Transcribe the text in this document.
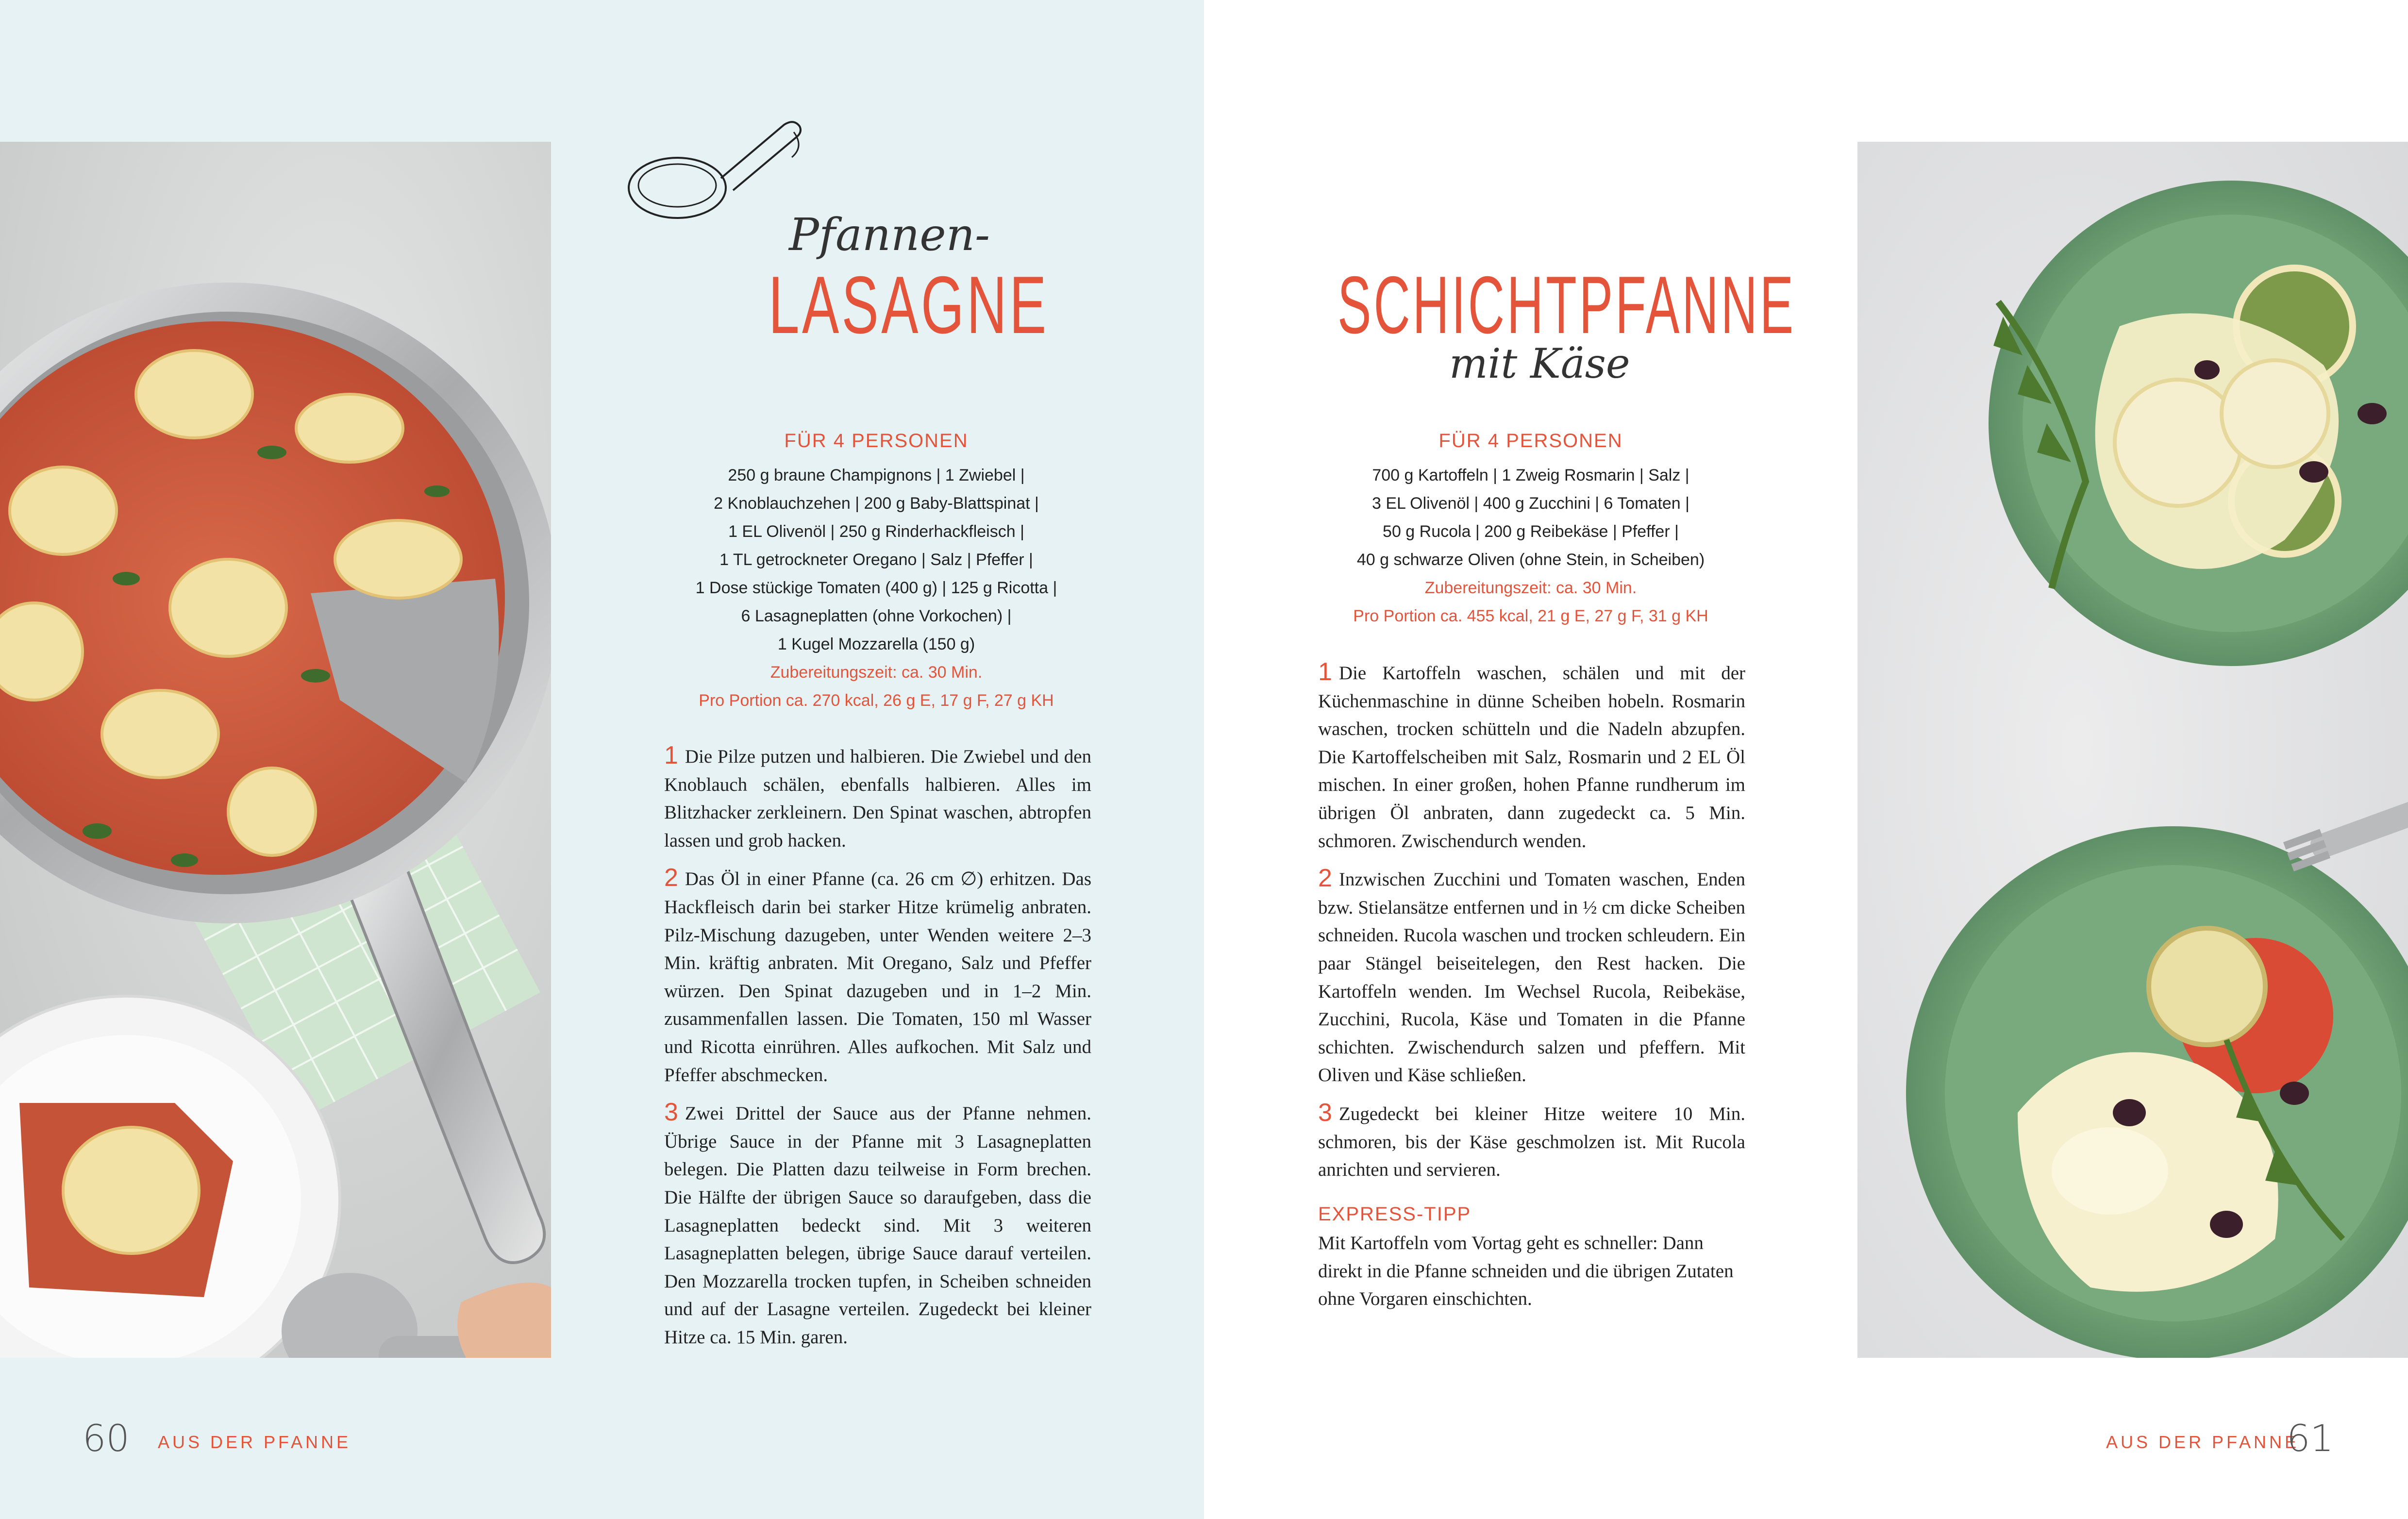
Pfannen-
LASAGNE
FÜR 4 PERSONEN
250 g braune Champignons | 1 Zwiebel |
2 Knoblauchzehen | 200 g Baby-Blattspinat |
1 EL Olivenöl | 250 g Rinderhackfleisch |
1 TL getrockneter Oregano | Salz | Pfeffer |
1 Dose stückige Tomaten (400 g) | 125 g Ricotta |
6 Lasagneplatten (ohne Vorkochen) |
1 Kugel Mozzarella (150 g)
Zubereitungszeit: ca. 30 Min.
Pro Portion ca. 270 kcal, 26 g E, 17 g F, 27 g KH

1 Die Pilze putzen und halbieren. Die Zwiebel und den Knoblauch schälen, ebenfalls halbieren. Alles im Blitzhacker zerkleinern. Den Spinat waschen, abtropfen lassen und grob hacken.

2 Das Öl in einer Pfanne (ca. 26 cm ∅) erhitzen. Das Hackfleisch darin bei starker Hitze krümelig anbraten. Pilz-Mischung dazugeben, unter Wenden weitere 2–3 Min. kräftig anbraten. Mit Oregano, Salz und Pfeffer würzen. Den Spinat dazugeben und in 1–2 Min. zusammenfallen lassen. Die Tomaten, 150 ml Wasser und Ricotta einrühren. Alles aufkochen. Mit Salz und Pfeffer abschmecken.

3 Zwei Drittel der Sauce aus der Pfanne nehmen. Übrige Sauce in der Pfanne mit 3 Lasagneplatten belegen. Die Platten dazu teilweise in Form brechen. Die Hälfte der übrigen Sauce so daraufgeben, dass die Lasagneplatten bedeckt sind. Mit 3 weiteren Lasagneplatten belegen, übrige Sauce darauf verteilen. Den Mozzarella trocken tupfen, in Scheiben schneiden und auf der Lasagne verteilen. Zugedeckt bei kleiner Hitze ca. 15 Min. garen.

60 AUS DER PFANNE
SCHICHTPFANNE
mit Käse
FÜR 4 PERSONEN
700 g Kartoffeln | 1 Zweig Rosmarin | Salz |
3 EL Olivenöl | 400 g Zucchini | 6 Tomaten |
50 g Rucola | 200 g Reibekäse | Pfeffer |
40 g schwarze Oliven (ohne Stein, in Scheiben)
Zubereitungszeit: ca. 30 Min.
Pro Portion ca. 455 kcal, 21 g E, 27 g F, 31 g KH

1 Die Kartoffeln waschen, schälen und mit der Küchenmaschine in dünne Scheiben hobeln. Rosmarin waschen, trocken schütteln und die Nadeln abzupfen. Die Kartoffelscheiben mit Salz, Rosmarin und 2 EL Öl mischen. In einer großen, hohen Pfanne rundherum im übrigen Öl anbraten, dann zugedeckt ca. 5 Min. schmoren. Zwischendurch wenden.

2 Inzwischen Zucchini und Tomaten waschen, Enden bzw. Stielansätze entfernen und in ½ cm dicke Scheiben schneiden. Rucola waschen und trocken schleudern. Ein paar Stängel beiseitelegen, den Rest hacken. Die Kartoffeln wenden. Im Wechsel Rucola, Reibekäse, Zucchini, Rucola, Käse und Tomaten in die Pfanne schichten. Zwischendurch salzen und pfeffern. Mit Oliven und Käse schließen.

3 Zugedeckt bei kleiner Hitze weitere 10 Min. schmoren, bis der Käse geschmolzen ist. Mit Rucola anrichten und servieren.

EXPRESS-TIPP

Mit Kartoffeln vom Vortag geht es schneller: Dann direkt in die Pfanne schneiden und die übrigen Zutaten ohne Vorgaren einschichten.

AUS DER PFANNE
61
